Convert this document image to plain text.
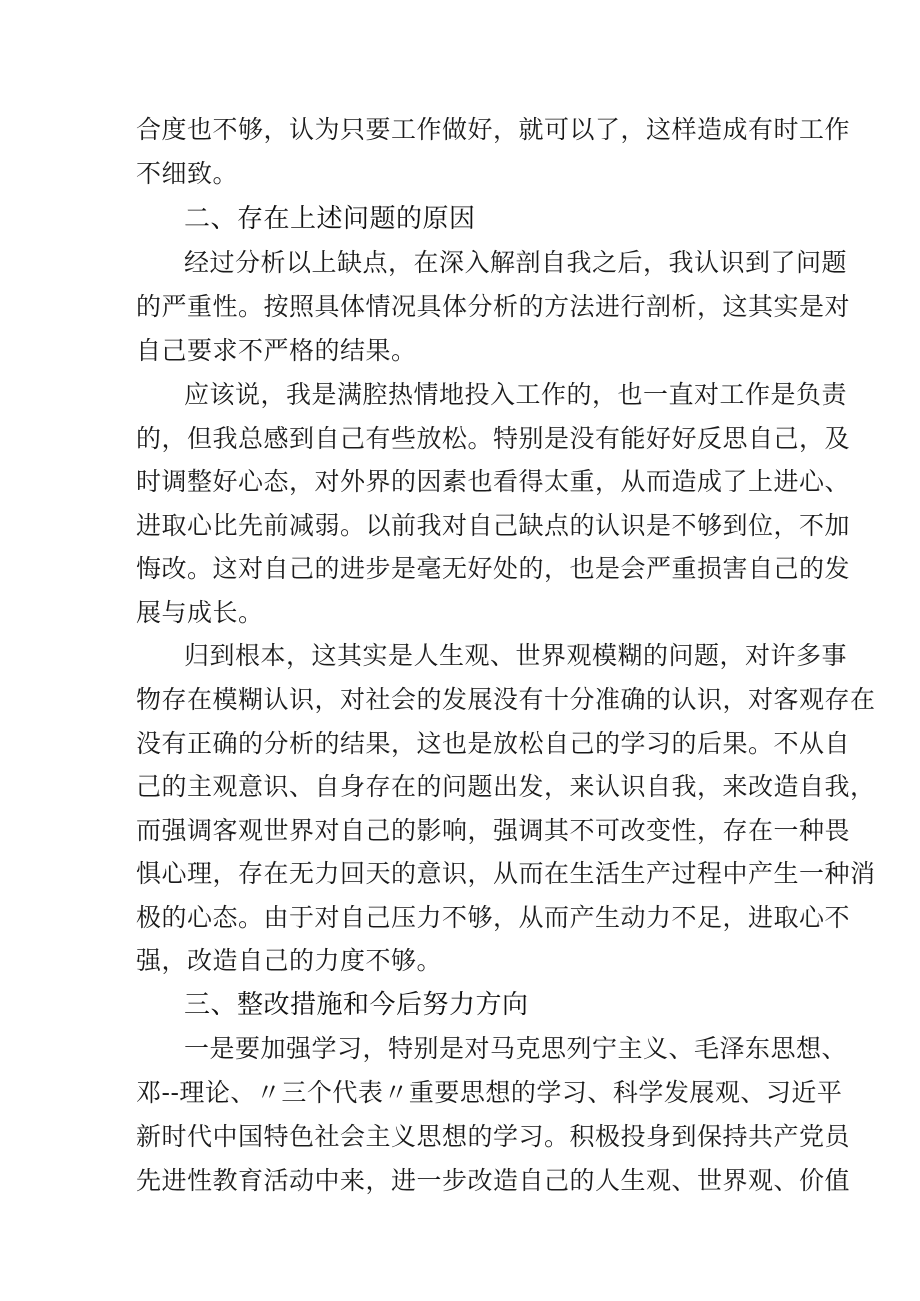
合度也不够，认为只要工作做好，就可以了，这样造成有时工作
不细致。
二、存在上述问题的原因
经过分析以上缺点，在深入解剖自我之后，我认识到了问题
的严重性。按照具体情况具体分析的方法进行剖析，这其实是对
自己要求不严格的结果。
应该说，我是满腔热情地投入工作的，也一直对工作是负责
的，但我总感到自己有些放松。特别是没有能好好反思自己，及
时调整好心态，对外界的因素也看得太重，从而造成了上进心、
进取心比先前减弱。以前我对自己缺点的认识是不够到位，不加
悔改。这对自己的进步是毫无好处的，也是会严重损害自己的发
展与成长。
归到根本，这其实是人生观、世界观模糊的问题，对许多事
物存在模糊认识，对社会的发展没有十分准确的认识，对客观存在
没有正确的分析的结果，这也是放松自己的学习的后果。不从自
己的主观意识、自身存在的问题出发，来认识自我，来改造自我，
而强调客观世界对自己的影响，强调其不可改变性，存在一种畏
惧心理，存在无力回天的意识，从而在生活生产过程中产生一种消
极的心态。由于对自己压力不够，从而产生动力不足，进取心不
强，改造自己的力度不够。
三、整改措施和今后努力方向
一是要加强学习，特别是对马克思列宁主义、毛泽东思想、
邓--理论、〃三个代表〃重要思想的学习、科学发展观、习近平
新时代中国特色社会主义思想的学习。积极投身到保持共产党员
先进性教育活动中来，进一步改造自己的人生观、世界观、价值
